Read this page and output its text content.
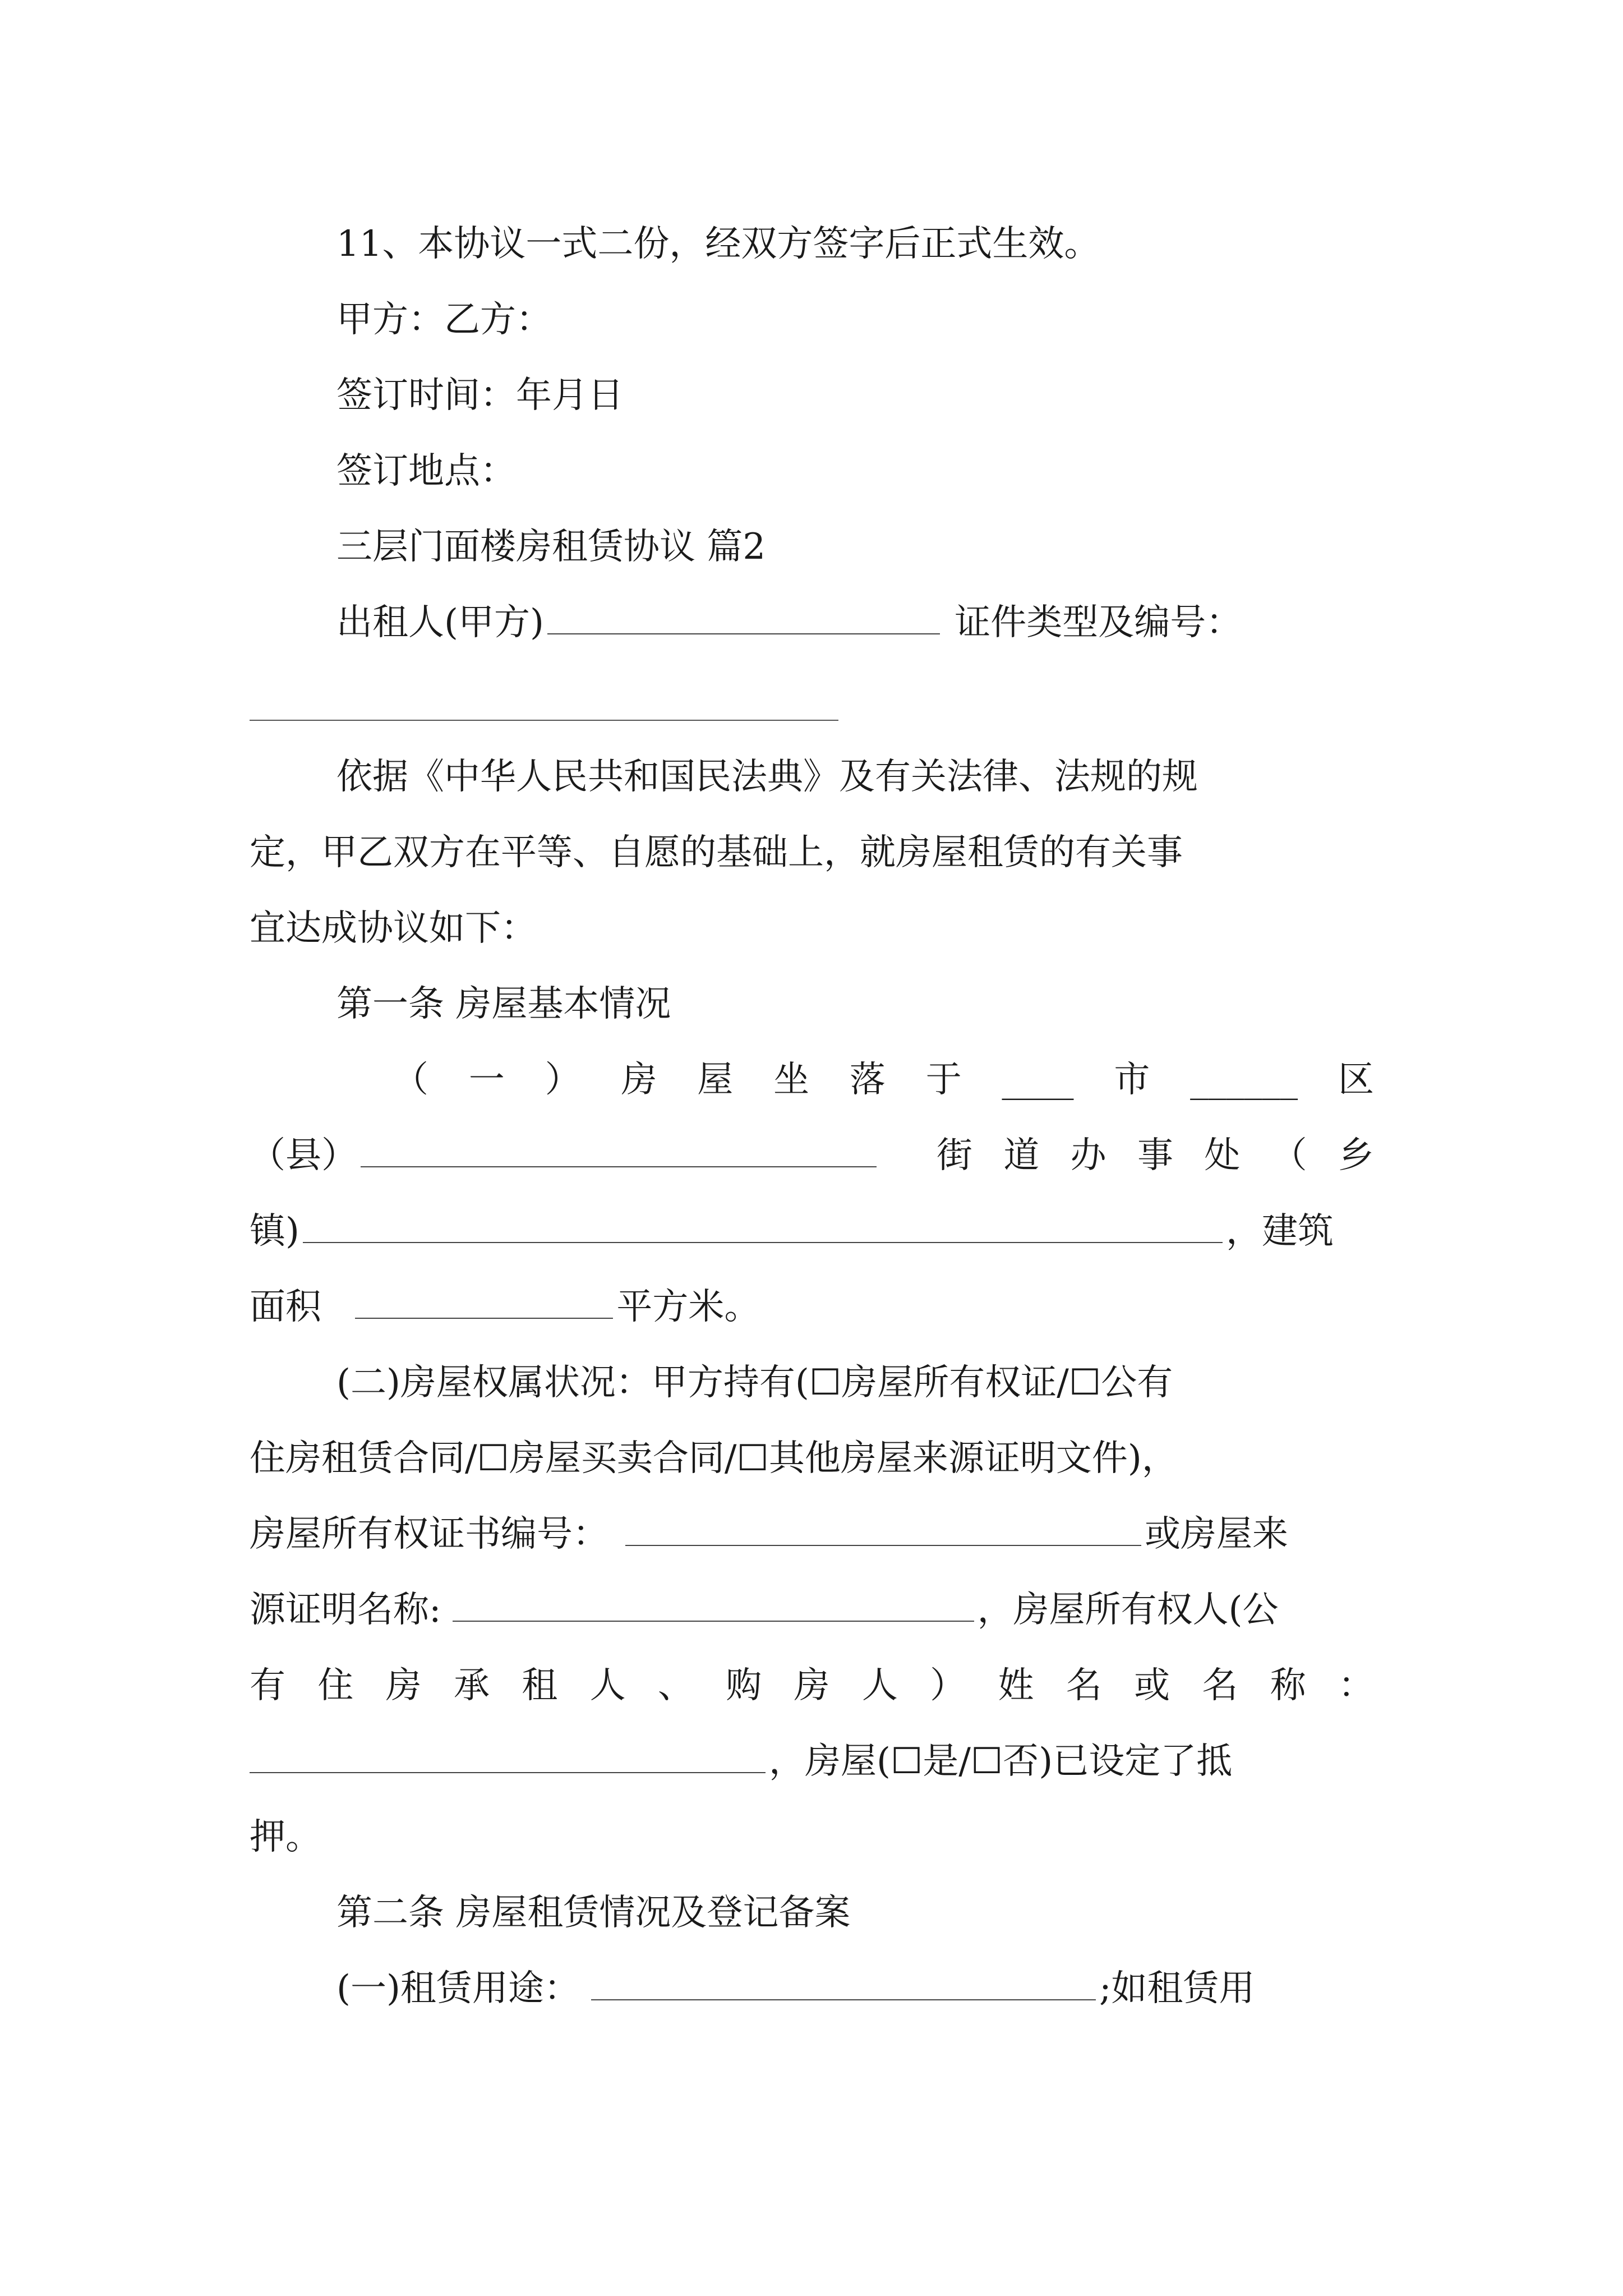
11、本协议一式二份，经双方签字后正式生效。
甲方：乙方：
签订时间：年月日
签订地点：
三层门面楼房租赁协议 篇2
出租人(甲方)	证件类型及编号：
依据《中华人民共和国民法典》及有关法律、法规的规
定，甲乙双方在平等、自愿的基础上，就房屋租赁的有关事
宜达成协议如下：
第一条 房屋基本情况
（ 一 ） 房 屋 坐 落 于 ____ 市 ______ 区
（县）	街 道 办 事 处 （ 乡
镇)	，建筑
面积	平方米。
(二)房屋权属状况：甲方持有(☐房屋所有权证/☐公有
住房租赁合同/☐房屋买卖合同/☐其他房屋来源证明文件)，
房屋所有权证书编号：	或房屋来
源证明名称:	，房屋所有权人(公
有 住 房 承 租 人 、 购 房 人 ） 姓 名 或 名 称 ：
，房屋(☐是/☐否)已设定了抵
押。
第二条 房屋租赁情况及登记备案
(一)租赁用途：	;如租赁用
